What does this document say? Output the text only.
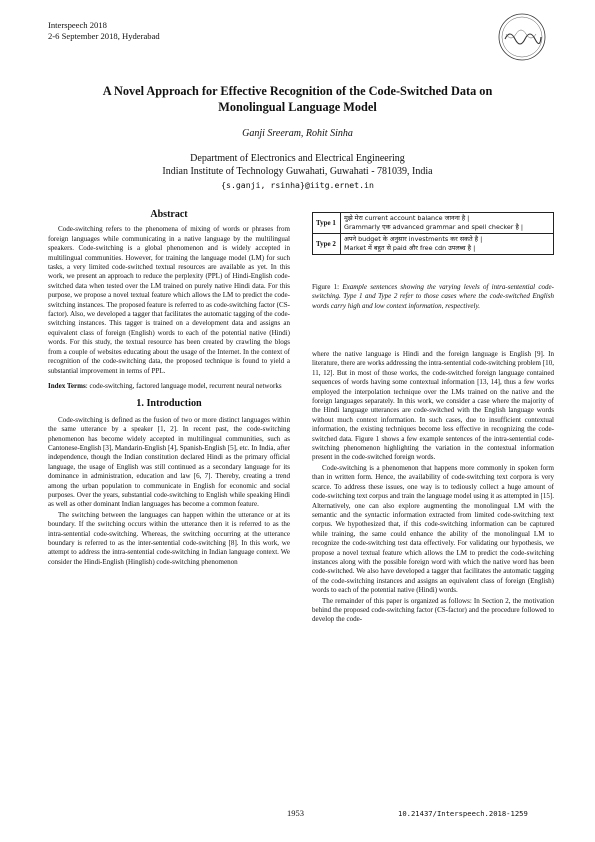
Interspeech 2018
2-6 September 2018, Hyderabad
A Novel Approach for Effective Recognition of the Code-Switched Data on
Monolingual Language Model
Ganji Sreeram, Rohit Sinha
Department of Electronics and Electrical Engineering
Indian Institute of Technology Guwahati, Guwahati - 781039, India
{s.ganji, rsinha}@iitg.ernet.in
Abstract

Code-switching refers to the phenomena of mixing of words or phrases from foreign languages while communicating in a native language by the multilingual speakers. Code-switching is a global phenomenon and is widely accepted in multilingual communities. However, for training the language model (LM) for such tasks, a very limited code-switched textual resources are available as yet. In this work, we present an approach to reduce the perplexity (PPL) of Hindi-English code-switched data when tested over the LM trained on purely native Hindi data. For this purpose, we propose a novel textual feature which allows the LM to predict the code-switching instances. The proposed feature is referred to as code-switching factor (CS-factor). Also, we developed a tagger that facilitates the automatic tagging of the code-switching instances. This tagger is trained on a development data and assigns an equivalent class of foreign (English) words to each of the potential native (Hindi) words. For this study, the textual resource has been created by crawling the blogs from a couple of websites educating about the usage of the Internet. In the context of recognition of the code-switching data, the proposed technique is found to yield a substantial improvement in terms of PPL.

Index Terms: code-switching, factored language model, recurrent neural networks

1. Introduction

Code-switching is defined as the fusion of two or more distinct languages within the same utterance by a speaker [1, 2]. In recent past, the code-switching phenomenon has become widely accepted in multilingual communities, such as Cantonese-English [3], Mandarin-English [4], Spanish-English [5], etc. In India, after independence, though the Indian constitution declared Hindi as the primary official language, the usage of English was still continued as a secondary language for its dominance in administration, education and law [6, 7]. Thereby, creating a trend among the urban population to communicate in English for economic and social purposes. Over the years, substantial code-switching to English while speaking Hindi as well as other dominant Indian languages has become a common feature.

The switching between the languages can happen within the utterance or at its boundary. If the switching occurs within the utterance then it is referred to as the intra-sentential code-switching. Whereas, the switching occurring at the utterance boundary is referred to as the inter-sentential code-switching [8]. In this work, we attempt to address the intra-sentential code-switching in Indian language context. We consider the Hindi-English (Hinglish) code-switching phenomenon

Type 1	मुझे मेरा current account balance जानना है |
Grammarly एक advanced grammar and spell checker है |

Type 2	अपने budget के अनुसार investments कर सकते है |
Market में बहुत से paid और free cdn उपलब्ध है |

Figure 1: Example sentences showing the varying levels of intra-sentential code-switching. Type 1 and Type 2 refer to those cases where the code-switched English words carry high and low context information, respectively.

where the native language is Hindi and the foreign language is English [9]. In literature, there are works addressing the intra-sentential code-switching problem [10, 11, 12]. But in most of those works, the code-switched foreign language contained sequences of words having some contextual information [13, 14], thus a few works employed the interpolation technique over the LMs trained on the native and the foreign languages separately. In this work, we consider a case where the majority of the Hindi language utterances are code-switched with the English language words without much context information. In such cases, due to insufficient contextual information, the existing techniques become less effective in recognizing the code-switched data. Figure 1 shows a few example sentences of the intra-sentential code-switching phenomenon highlighting the variation in the contextual information present in the code-switched foreign words.

Code-switching is a phenomenon that happens more commonly in spoken form than in written form. Hence, the availability of code-switching text corpora is very scarce. To address these issues, one way is to tediously collect a huge amount of code-switching text corpus and train the language model using it as attempted in [15]. Alternatively, one can also explore augmenting the monolingual LM with the semantic and the syntactic information extracted from limited code-switching text corpus. We hypothesized that, if this code-switching information can be captured while training, the same could enhance the ability of the monolingual LM to recognize the code-switching test data effectively. For validating our hypothesis, we propose a novel textual feature which allows the LM to predict the code-switching instances along with the possible foreign word with which the native word has been code-switched. We also have developed a tagger that facilitates the automatic tagging of the code-switching instances and assigns an equivalent class of foreign (English) words to each of the potential native (Hindi) words.

The remainder of this paper is organized as follows: In Section 2, the motivation behind the proposed code-switching factor (CS-factor) and the procedure followed to develop the code-

1953	10.21437/Interspeech.2018-1259
